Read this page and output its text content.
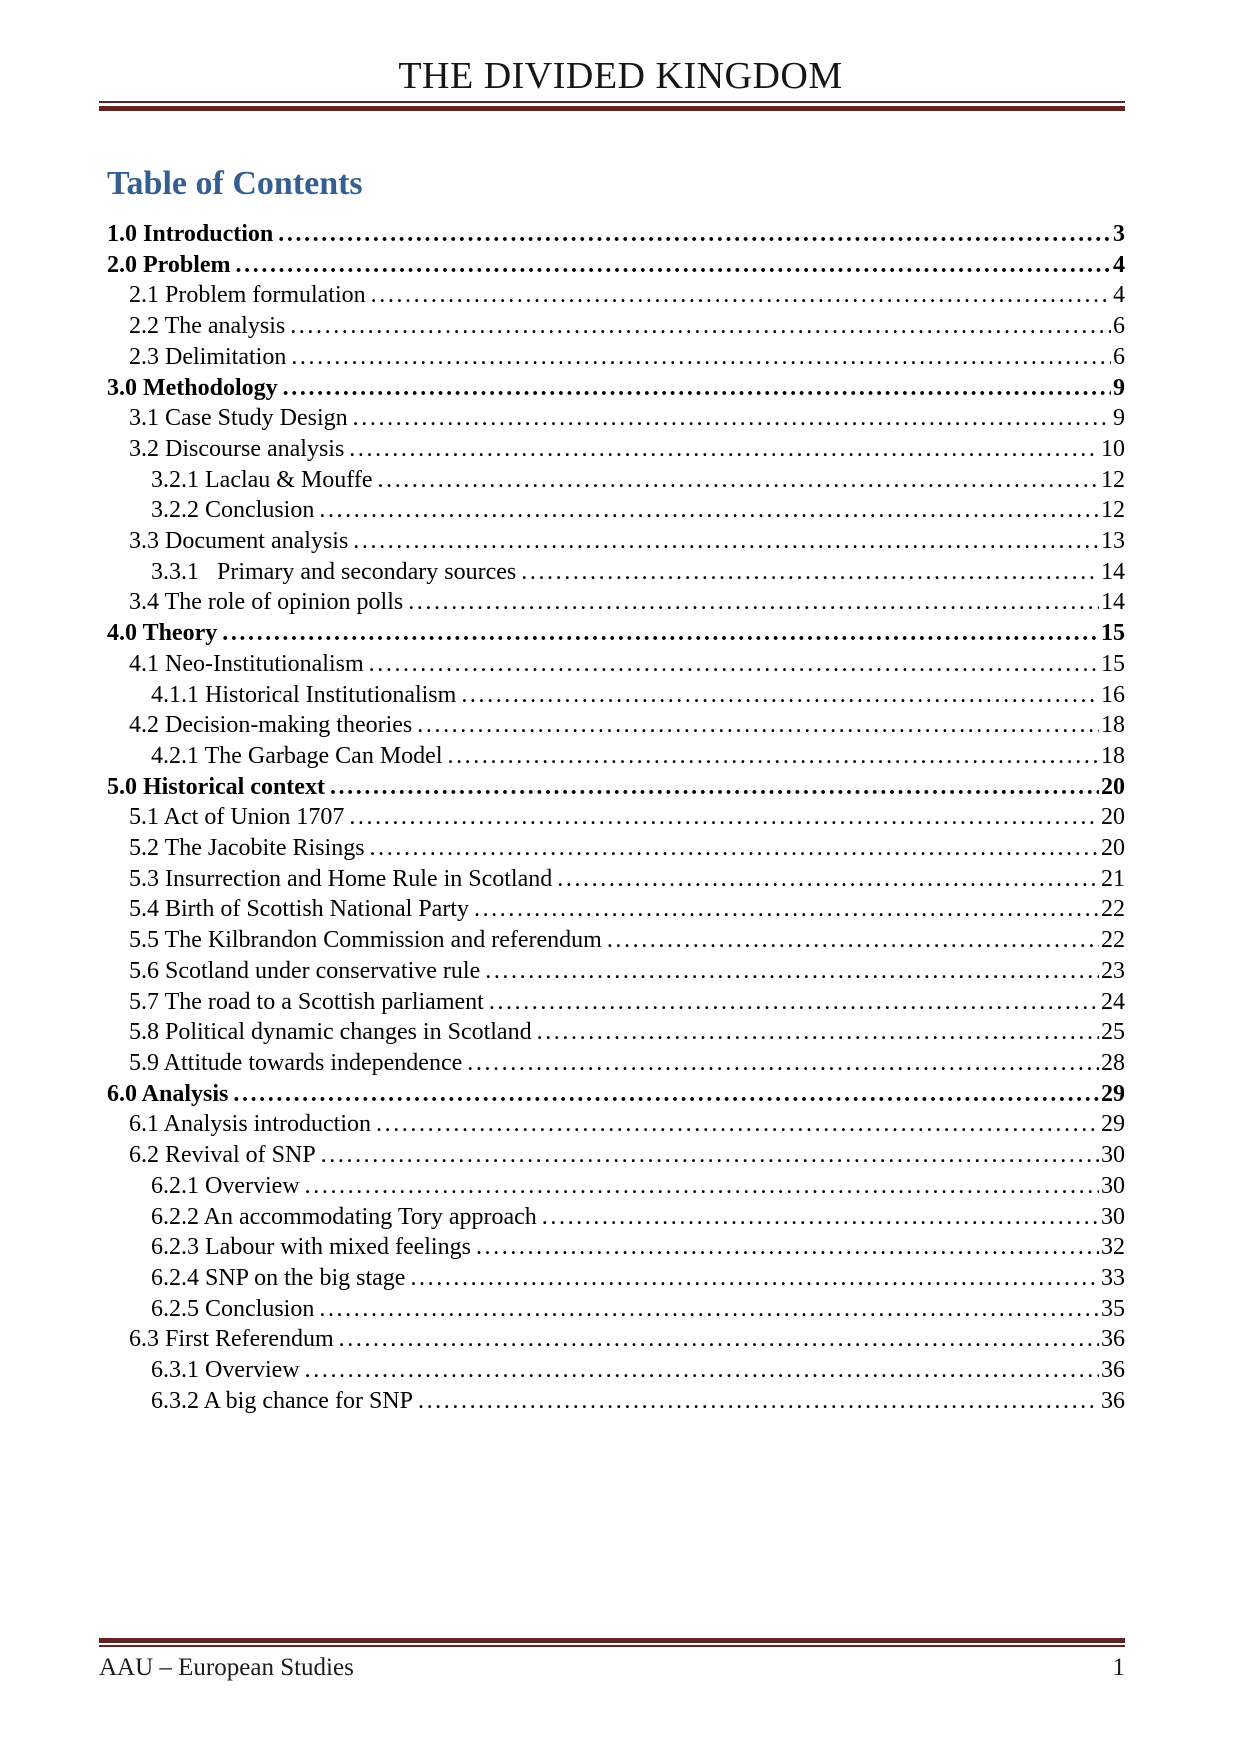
THE DIVIDED KINGDOM
Table of Contents
1.0 Introduction .....	3
2.0 Problem .....	4
2.1 Problem formulation .....	4
2.2 The analysis .....	6
2.3 Delimitation .....	6
3.0 Methodology .....	9
3.1 Case Study Design .....	9
3.2 Discourse analysis .....	10
3.2.1 Laclau & Mouffe .....	12
3.2.2 Conclusion .....	12
3.3 Document analysis .....	13
3.3.1   Primary and secondary sources .....	14
3.4 The role of opinion polls .....	14
4.0 Theory .....	15
4.1 Neo-Institutionalism .....	15
4.1.1 Historical Institutionalism .....	16
4.2 Decision-making theories .....	18
4.2.1 The Garbage Can Model .....	18
5.0 Historical context .....	20
5.1 Act of Union 1707 .....	20
5.2 The Jacobite Risings .....	20
5.3 Insurrection and Home Rule in Scotland .....	21
5.4 Birth of Scottish National Party .....	22
5.5 The Kilbrandon Commission and referendum .....	22
5.6 Scotland under conservative rule .....	23
5.7 The road to a Scottish parliament .....	24
5.8 Political dynamic changes in Scotland .....	25
5.9 Attitude towards independence .....	28
6.0 Analysis .....	29
6.1 Analysis introduction .....	29
6.2 Revival of SNP .....	30
6.2.1 Overview .....	30
6.2.2 An accommodating Tory approach .....	30
6.2.3 Labour with mixed feelings .....	32
6.2.4 SNP on the big stage .....	33
6.2.5 Conclusion .....	35
6.3 First Referendum .....	36
6.3.1 Overview .....	36
6.3.2 A big chance for SNP .....	36
AAU – European Studies	1
